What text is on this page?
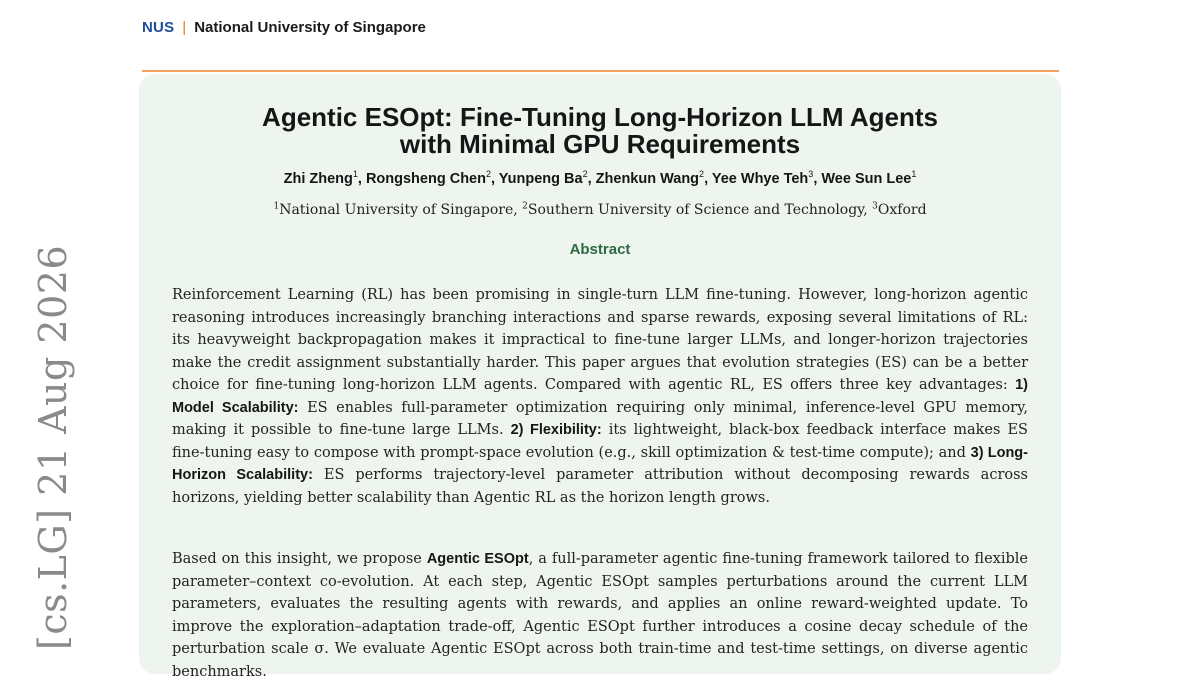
NUS | National University of Singapore
[cs.LG] 21 Aug 2026
Agentic ESOpt: Fine-Tuning Long-Horizon LLM Agents
with Minimal GPU Requirements
Zhi Zheng$^1$, Rongsheng Chen$^2$, Yunpeng Ba$^2$, Zhenkun Wang$^2$, Yee Whye Teh$^3$, Wee Sun Lee$^1$
$^1$National University of Singapore, $^2$Southern University of Science and Technology, $^3$Oxford
Abstract

Reinforcement Learning (RL) has been promising in single-turn LLM fine-tuning. However, long-horizon agentic reasoning introduces increasingly branching interactions and sparse rewards, exposing several limitations of RL: its heavyweight backpropagation makes it impractical to fine-tune larger LLMs, and longer-horizon trajectories make the credit assignment substantially harder. This paper argues that evolution strategies (ES) can be a better choice for fine-tuning long-horizon LLM agents. Compared with agentic RL, ES offers three key advantages: 1) Model Scalability: ES enables full-parameter optimization requiring only minimal, inference-level GPU memory, making it possible to fine-tune large LLMs. 2) Flexibility: its lightweight, black-box feedback interface makes ES fine-tuning easy to compose with prompt-space evolution (e.g., skill optimization & test-time compute); and 3) Long-Horizon Scalability: ES performs trajectory-level parameter attribution without decomposing rewards across horizons, yielding better scalability than Agentic RL as the horizon length grows.

Based on this insight, we propose Agentic ESOpt, a full-parameter agentic fine-tuning framework tailored to flexible parameter–context co-evolution. At each step, Agentic ESOpt samples perturbations around the current LLM parameters, evaluates the resulting agents with rewards, and applies an online reward-weighted update. To improve the exploration–adaptation trade-off, Agentic ESOpt further introduces a cosine decay schedule of the perturbation scale σ. We evaluate Agentic ESOpt across both train-time and test-time settings, on diverse agentic benchmarks.
